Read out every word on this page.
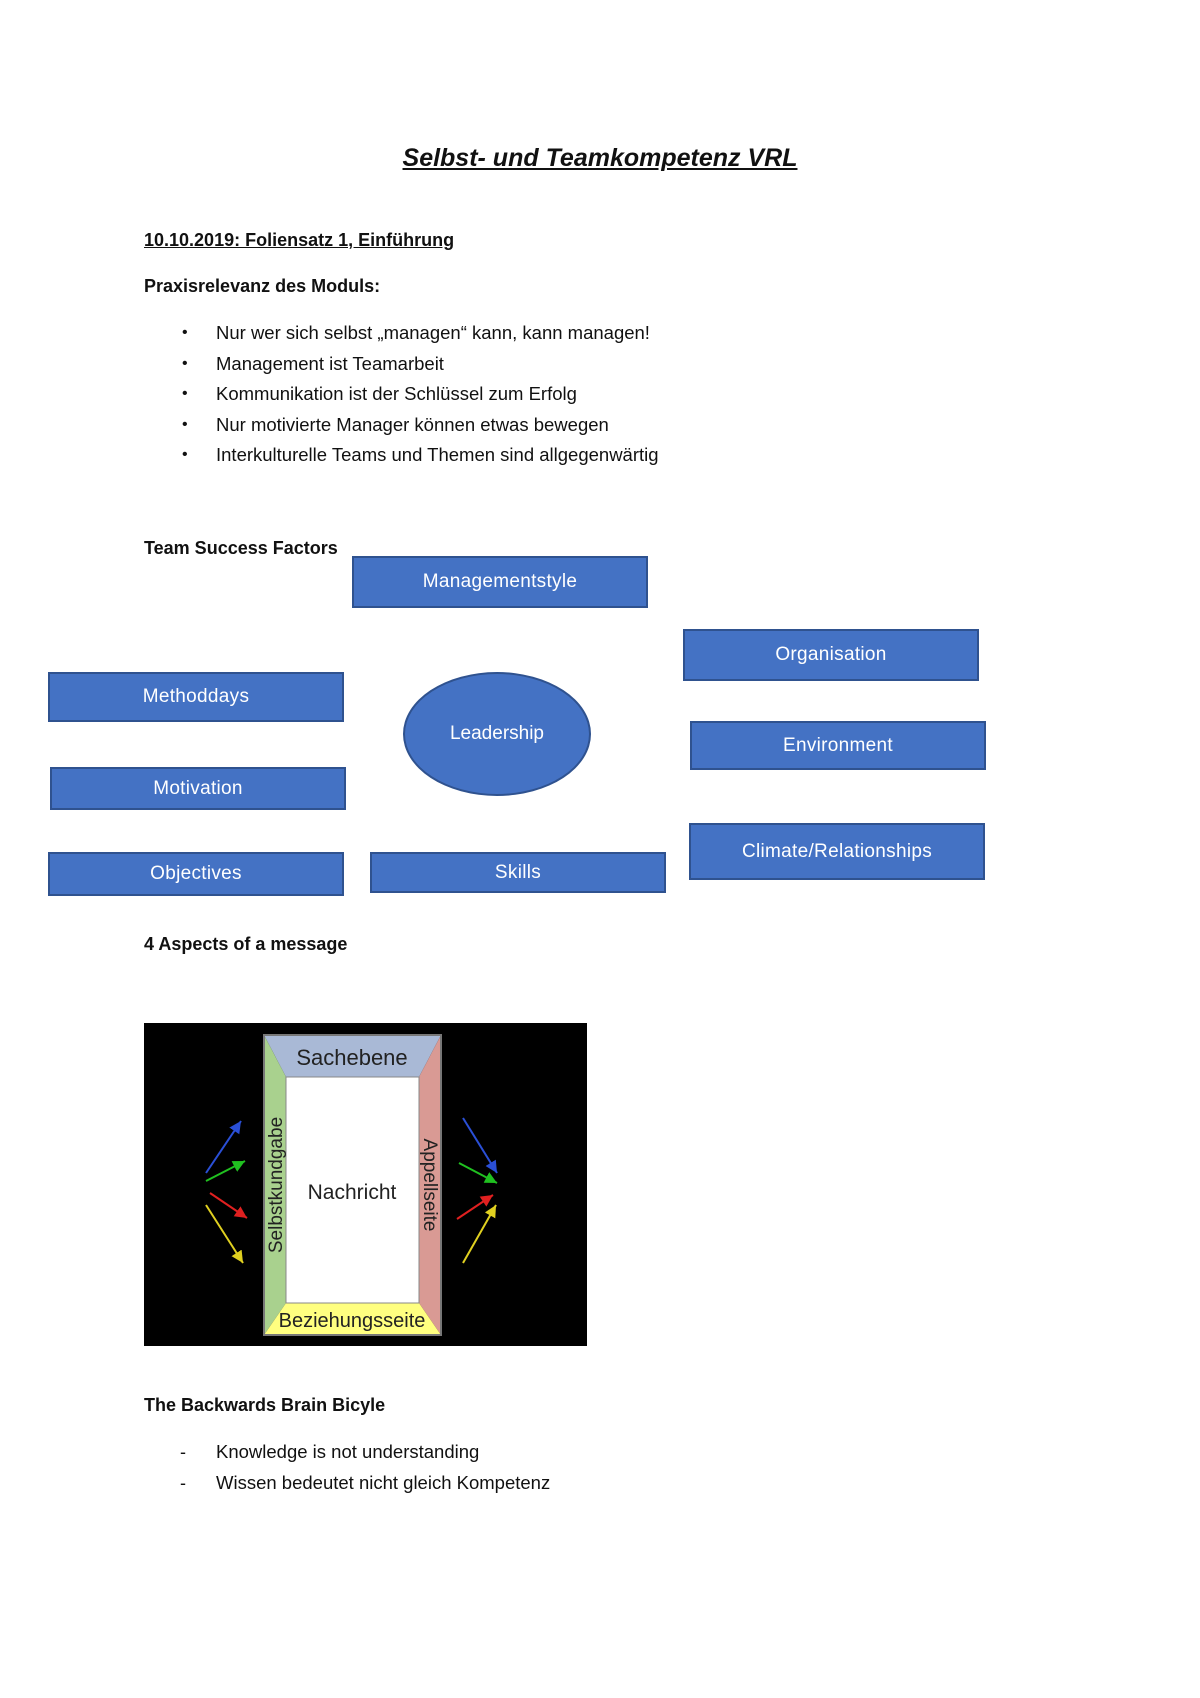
Selbst- und Teamkompetenz VRL
10.10.2019: Foliensatz 1, Einführung
Praxisrelevanz des Moduls:
• Nur wer sich selbst „managen“ kann, kann managen!
• Management ist Teamarbeit
• Kommunikation ist der Schlüssel zum Erfolg
• Nur motivierte Manager können etwas bewegen
• Interkulturelle Teams und Themen sind allgegenwärtig
Team Success Factors
Managementstyle
Organisation
Methoddays
Leadership
Environment
Motivation
Climate/Relationships
Objectives	Skills
4 Aspects of a message
Sachebene
Nachricht
Beziehungsseite
Selbstkundgabe	Appellseite
The Backwards Brain Bicyle
- Knowledge is not understanding
- Wissen bedeutet nicht gleich Kompetenz
